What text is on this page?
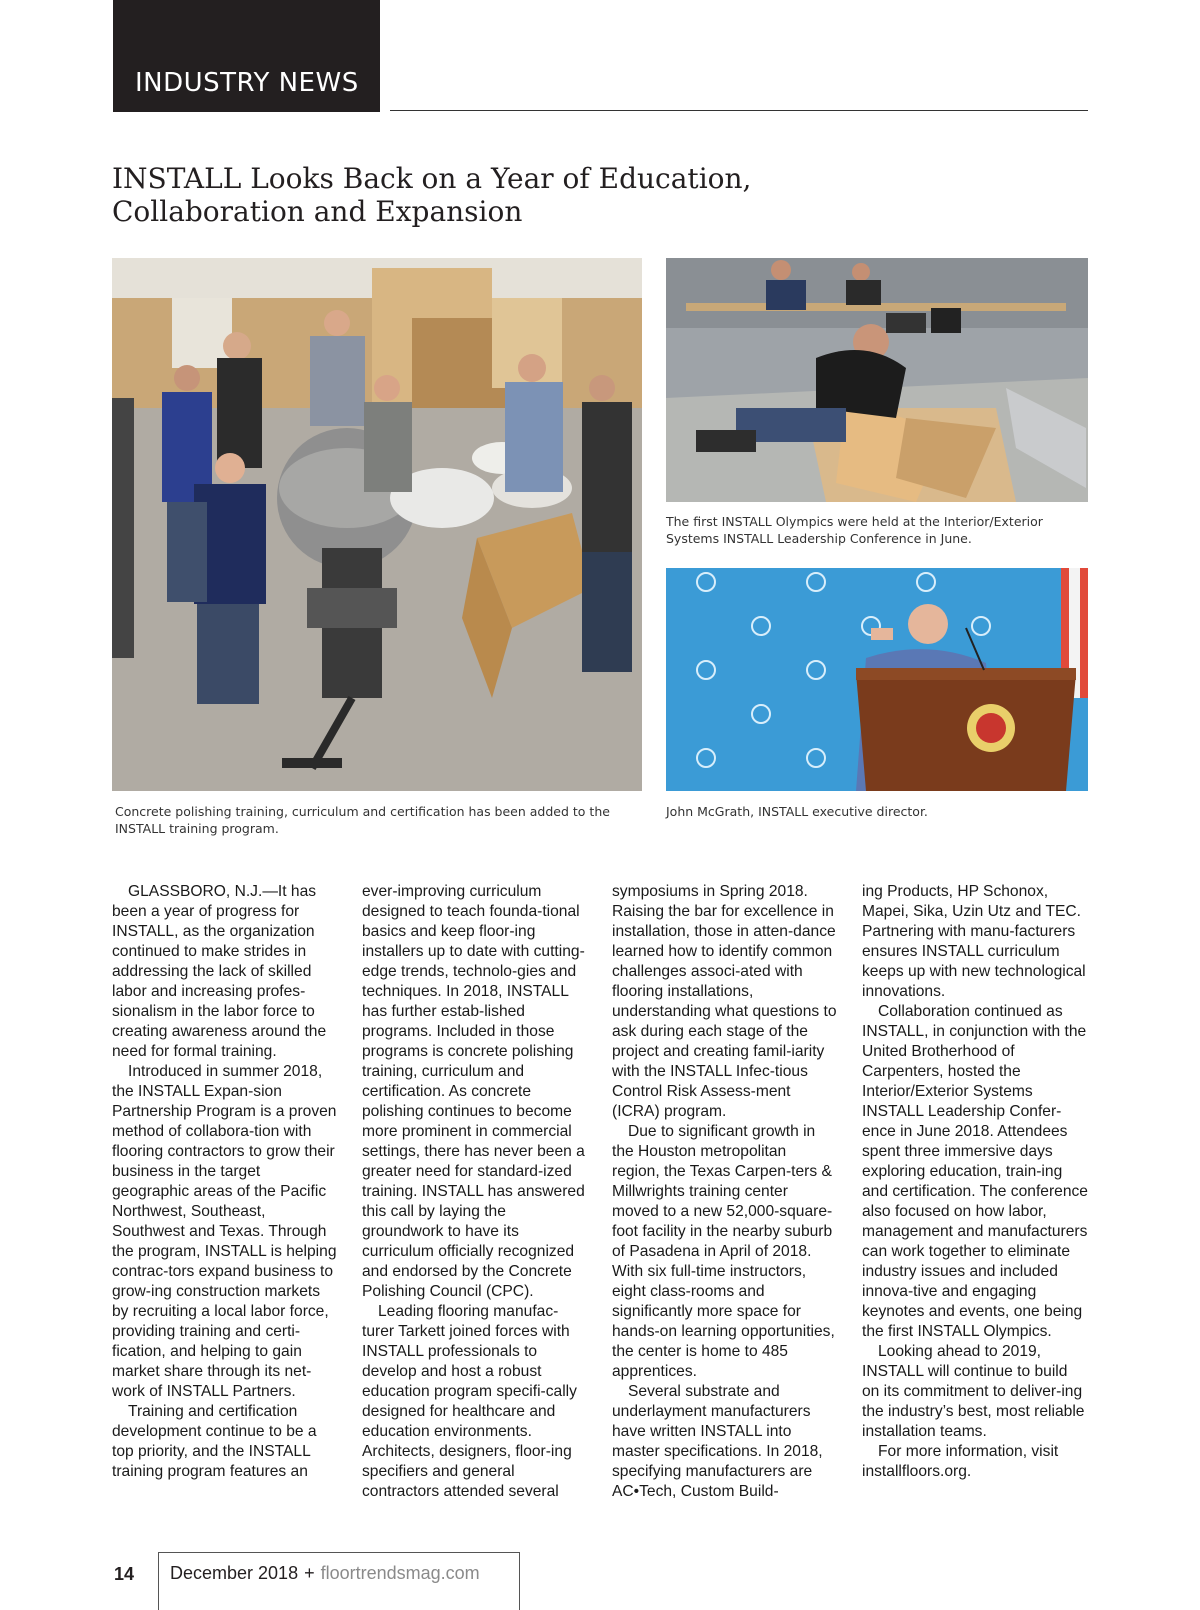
INDUSTRY NEWS
INSTALL Looks Back on a Year of Education,
Collaboration and Expansion
Concrete polishing training, curriculum and certification has been added to the INSTALL training program.
The first INSTALL Olympics were held at the Interior/Exterior Systems INSTALL Leadership Conference in June.
John McGrath, INSTALL executive director.

GLASSBORO, N.J.—It has been a year of progress for INSTALL, as the organization continued to make strides in addressing the lack of skilled labor and increasing profes-sionalism in the labor force to creating awareness around the need for formal training.

Introduced in summer 2018, the INSTALL Expan-sion Partnership Program is a proven method of collabora-tion with flooring contractors to grow their business in the target geographic areas of the Pacific Northwest, Southeast, Southwest and Texas. Through the program, INSTALL is helping contrac-tors expand business to grow-ing construction markets by recruiting a local labor force, providing training and certi-fication, and helping to gain market share through its net-work of INSTALL Partners.

Training and certification development continue to be a top priority, and the INSTALL training program features an

ever-improving curriculum designed to teach founda-tional basics and keep floor-ing installers up to date with cutting-edge trends, technolo-gies and techniques. In 2018, INSTALL has further estab-lished programs. Included in those programs is concrete polishing training, curriculum and certification. As concrete polishing continues to become more prominent in commercial settings, there has never been a greater need for standard-ized training. INSTALL has answered this call by laying the groundwork to have its curriculum officially recognized and endorsed by the Concrete Polishing Council (CPC).

Leading flooring manufac-turer Tarkett joined forces with INSTALL professionals to develop and host a robust education program specifi-cally designed for healthcare and education environments. Architects, designers, floor-ing specifiers and general contractors attended several

symposiums in Spring 2018. Raising the bar for excellence in installation, those in atten-dance learned how to identify common challenges associ-ated with flooring installations, understanding what questions to ask during each stage of the project and creating famil-iarity with the INSTALL Infec-tious Control Risk Assess-ment (ICRA) program.

Due to significant growth in the Houston metropolitan region, the Texas Carpen-ters & Millwrights training center moved to a new 52,000-square-foot facility in the nearby suburb of Pasadena in April of 2018. With six full-time instructors, eight class-rooms and significantly more space for hands-on learning opportunities, the center is home to 485 apprentices.

Several substrate and underlayment manufacturers have written INSTALL into master specifications. In 2018, specifying manufacturers are AC•Tech, Custom Build-

ing Products, HP Schonox, Mapei, Sika, Uzin Utz and TEC. Partnering with manu-facturers ensures INSTALL curriculum keeps up with new technological innovations.

Collaboration continued as INSTALL, in conjunction with the United Brotherhood of Carpenters, hosted the Interior/Exterior Systems INSTALL Leadership Confer-ence in June 2018. Attendees spent three immersive days exploring education, train-ing and certification. The conference also focused on how labor, management and manufacturers can work together to eliminate industry issues and included innova-tive and engaging keynotes and events, one being the first INSTALL Olympics.

Looking ahead to 2019, INSTALL will continue to build on its commitment to deliver-ing the industry’s best, most reliable installation teams.

For more information, visit installfloors.org.

14 December 2018 + floortrendsmag.com
